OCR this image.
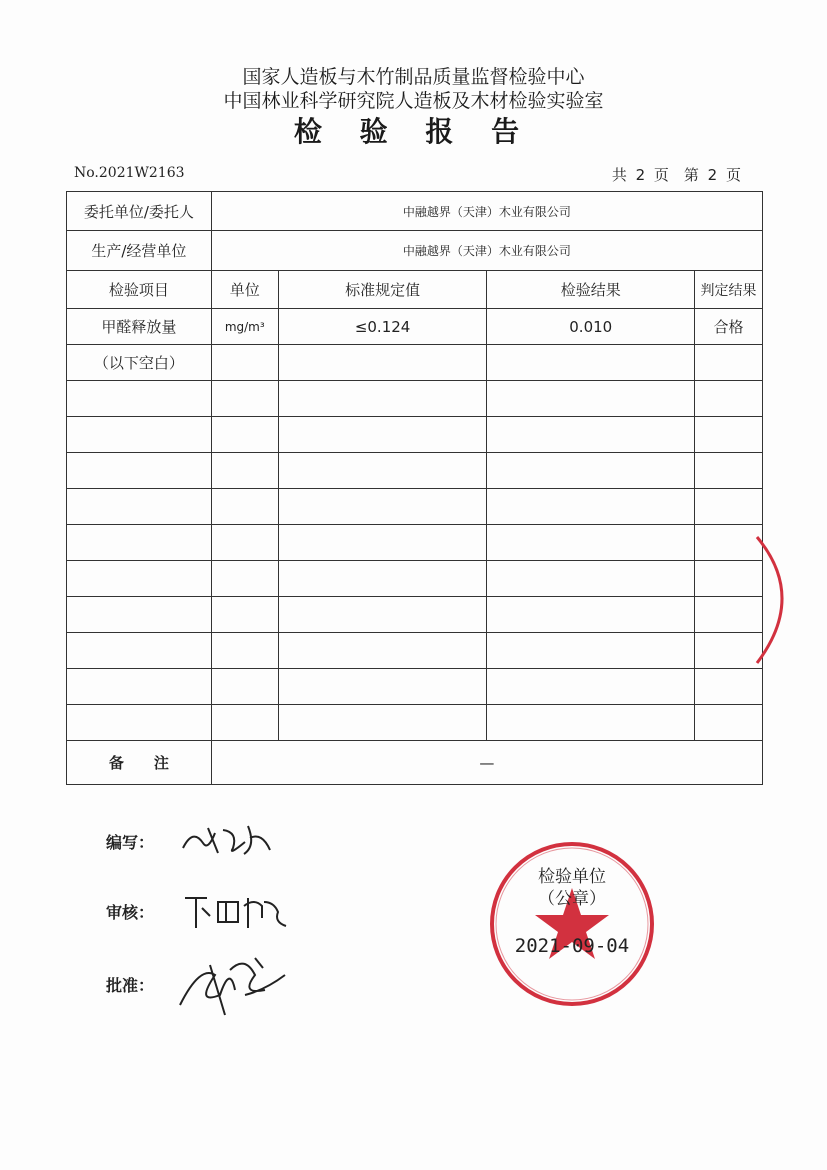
国家人造板与木竹制品质量监督检验中心
中国林业科学研究院人造板及木材检验实验室
检 验 报 告
No.2021W2163	共 2 页　第 2 页
委托单位/委托人	中融越界（天津）木业有限公司			
生产/经营单位	中融越界（天津）木业有限公司			
检验项目	单位	标准规定值	检验结果	判定结果
甲醛释放量	mg/m³	≤0.124	0.010	合格
（以下空白）				

备　　注	—			
编写：
审核：
批准：
检验单位
（公章）
2021-09-04
